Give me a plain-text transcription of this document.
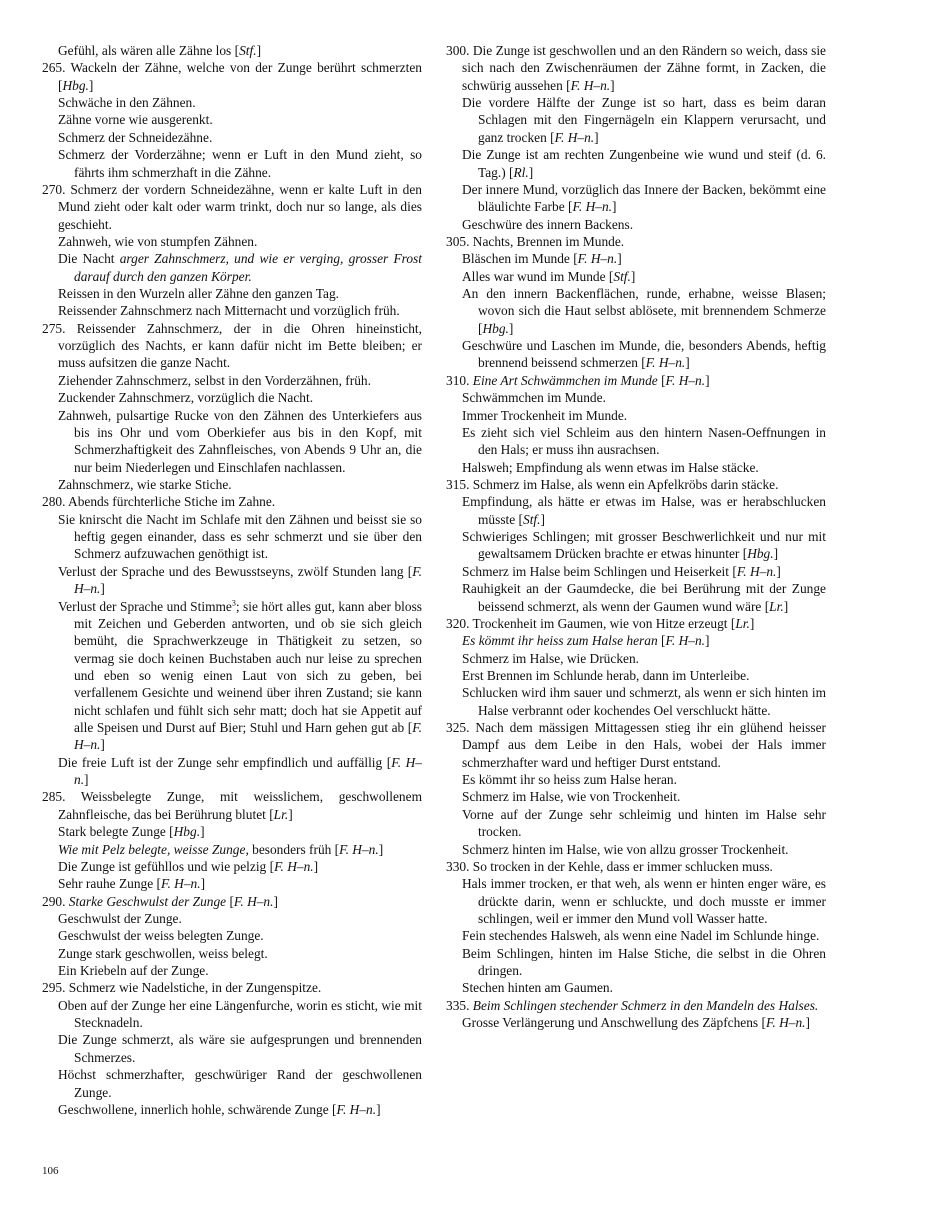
Gefühl, als wären alle Zähne los [Stf.]

265. Wackeln der Zähne, welche von der Zunge berührt schmerzten [Hbg.]

Schwäche in den Zähnen.

Zähne vorne wie ausgerenkt.

Schmerz der Schneidezähne.

Schmerz der Vorderzähne; wenn er Luft in den Mund zieht, so fährts ihm schmerzhaft in die Zähne.

270. Schmerz der vordern Schneidezähne, wenn er kalte Luft in den Mund zieht oder kalt oder warm trinkt, doch nur so lange, als dies geschieht.

Zahnweh, wie von stumpfen Zähnen.

Die Nacht arger Zahnschmerz, und wie er verging, grosser Frost darauf durch den ganzen Körper.

Reissen in den Wurzeln aller Zähne den ganzen Tag.

Reissender Zahnschmerz nach Mitternacht und vorzüglich früh.

275. Reissender Zahnschmerz, der in die Ohren hineinsticht, vorzüglich des Nachts, er kann dafür nicht im Bette bleiben; er muss aufsitzen die ganze Nacht.

Ziehender Zahnschmerz, selbst in den Vorderzähnen, früh.

Zuckender Zahnschmerz, vorzüglich die Nacht.

Zahnweh, pulsartige Rucke von den Zähnen des Unterkiefers aus bis ins Ohr und vom Oberkiefer aus bis in den Kopf, mit Schmerzhaftigkeit des Zahnfleisches, von Abends 9 Uhr an, die nur beim Niederlegen und Einschlafen nachlassen.

Zahnschmerz, wie starke Stiche.

280. Abends fürchterliche Stiche im Zahne.

Sie knirscht die Nacht im Schlafe mit den Zähnen und beisst sie so heftig gegen einander, dass es sehr schmerzt und sie über den Schmerz aufzuwachen genöthigt ist.

Verlust der Sprache und des Bewusstseyns, zwölf Stunden lang [F. H–n.]

Verlust der Sprache und Stimme$^3$; sie hört alles gut, kann aber bloss mit Zeichen und Geberden antworten, und ob sie sich gleich bemüht, die Sprachwerkzeuge in Thätigkeit zu setzen, so vermag sie doch keinen Buchstaben auch nur leise zu sprechen und eben so wenig einen Laut von sich zu geben, bei verfallenem Gesichte und weinend über ihren Zustand; sie kann nicht schlafen und fühlt sich sehr matt; doch hat sie Appetit auf alle Speisen und Durst auf Bier; Stuhl und Harn gehen gut ab [F. H–n.]

Die freie Luft ist der Zunge sehr empfindlich und auffällig [F. H–n.]

285. Weissbelegte Zunge, mit weisslichem, geschwollenem Zahnfleische, das bei Berührung blutet [Lr.]

Stark belegte Zunge [Hbg.]

Wie mit Pelz belegte, weisse Zunge, besonders früh [F. H–n.]

Die Zunge ist gefühllos und wie pelzig [F. H–n.]

Sehr rauhe Zunge [F. H–n.]

290. Starke Geschwulst der Zunge [F. H–n.]

Geschwulst der Zunge.

Geschwulst der weiss belegten Zunge.

Zunge stark geschwollen, weiss belegt.

Ein Kriebeln auf der Zunge.

295. Schmerz wie Nadelstiche, in der Zungenspitze.

Oben auf der Zunge her eine Längenfurche, worin es sticht, wie mit Stecknadeln.

Die Zunge schmerzt, als wäre sie aufgesprungen und brennenden Schmerzes.

Höchst schmerzhafter, geschwüriger Rand der geschwollenen Zunge.

Geschwollene, innerlich hohle, schwärende Zunge [F. H–n.]

300. Die Zunge ist geschwollen und an den Rändern so weich, dass sie sich nach den Zwischenräumen der Zähne formt, in Zacken, die schwürig aussehen [F. H–n.]

Die vordere Hälfte der Zunge ist so hart, dass es beim daran Schlagen mit den Fingernägeln ein Klappern verursacht, und ganz trocken [F. H–n.]

Die Zunge ist am rechten Zungenbeine wie wund und steif (d. 6. Tag.) [Rl.]

Der innere Mund, vorzüglich das Innere der Backen, bekömmt eine bläulichte Farbe [F. H–n.]

Geschwüre des innern Backens.

305. Nachts, Brennen im Munde.

Bläschen im Munde [F. H–n.]

Alles war wund im Munde [Stf.]

An den innern Backenflächen, runde, erhabne, weisse Blasen; wovon sich die Haut selbst ablösete, mit brennendem Schmerze [Hbg.]

Geschwüre und Laschen im Munde, die, besonders Abends, heftig brennend beissend schmerzen [F. H–n.]

310. Eine Art Schwämmchen im Munde [F. H–n.]

Schwämmchen im Munde.

Immer Trockenheit im Munde.

Es zieht sich viel Schleim aus den hintern Nasen-Oeffnungen in den Hals; er muss ihn ausrachsen.

Halsweh; Empfindung als wenn etwas im Halse stäcke.

315. Schmerz im Halse, als wenn ein Apfelkröbs darin stäcke.

Empfindung, als hätte er etwas im Halse, was er herabschlucken müsste [Stf.]

Schwieriges Schlingen; mit grosser Beschwerlichkeit und nur mit gewaltsamem Drücken brachte er etwas hinunter [Hbg.]

Schmerz im Halse beim Schlingen und Heiserkeit [F. H–n.]

Rauhigkeit an der Gaumdecke, die bei Berührung mit der Zunge beissend schmerzt, als wenn der Gaumen wund wäre [Lr.]

320. Trockenheit im Gaumen, wie von Hitze erzeugt [Lr.]

Es kömmt ihr heiss zum Halse heran [F. H–n.]

Schmerz im Halse, wie Drücken.

Erst Brennen im Schlunde herab, dann im Unterleibe.

Schlucken wird ihm sauer und schmerzt, als wenn er sich hinten im Halse verbrannt oder kochendes Oel verschluckt hätte.

325. Nach dem mässigen Mittagessen stieg ihr ein glühend heisser Dampf aus dem Leibe in den Hals, wobei der Hals immer schmerzhafter ward und heftiger Durst entstand.

Es kömmt ihr so heiss zum Halse heran.

Schmerz im Halse, wie von Trockenheit.

Vorne auf der Zunge sehr schleimig und hinten im Halse sehr trocken.

Schmerz hinten im Halse, wie von allzu grosser Trockenheit.

330. So trocken in der Kehle, dass er immer schlucken muss.

Hals immer trocken, er that weh, als wenn er hinten enger wäre, es drückte darin, wenn er schluckte, und doch musste er immer schlingen, weil er immer den Mund voll Wasser hatte.

Fein stechendes Halsweh, als wenn eine Nadel im Schlunde hinge.

Beim Schlingen, hinten im Halse Stiche, die selbst in die Ohren dringen.

Stechen hinten am Gaumen.

335. Beim Schlingen stechender Schmerz in den Mandeln des Halses.

Grosse Verlängerung und Anschwellung des Zäpfchens [F. H–n.]

106
